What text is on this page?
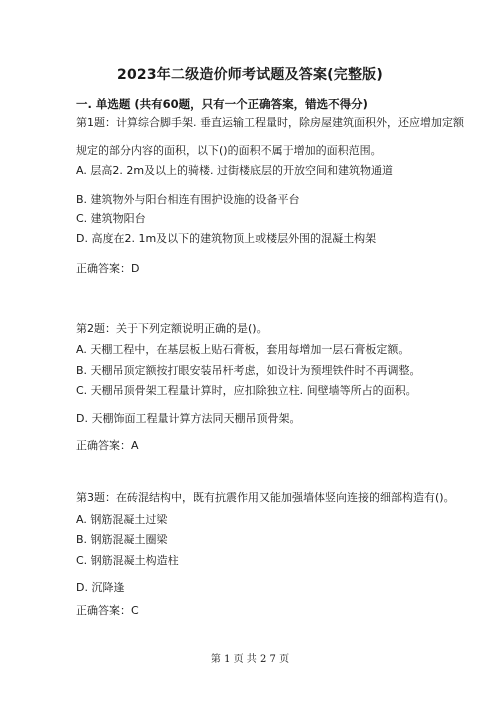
2023年二级造价师考试题及答案(完整版)
一. 单选题 (共有60题，只有一个正确答案，错选不得分)
第1题：计算综合脚手架. 垂直运输工程量时，除房屋建筑面积外，还应增加定额
规定的部分内容的面积，以下()的面积不属于增加的面积范围。
A. 层高2. 2m及以上的骑楼. 过街楼底层的开放空间和建筑物通道
B. 建筑物外与阳台相连有围护设施的设备平台
C. 建筑物阳台
D. 高度在2. 1m及以下的建筑物顶上或楼层外围的混凝土构架
正确答案：D
第2题：关于下列定额说明正确的是()。
A. 天棚工程中，在基层板上贴石膏板，套用每增加一层石膏板定额。
B. 天棚吊顶定额按打眼安装吊杆考虑，如设计为预埋铁件时不再调整。
C. 天棚吊顶骨架工程量计算时，应扣除独立柱. 间壁墙等所占的面积。
D. 天棚饰面工程量计算方法同天棚吊顶骨架。
正确答案：A
第3题：在砖混结构中，既有抗震作用又能加强墙体竖向连接的细部构造有()。
A. 钢筋混凝土过梁
B. 钢筋混凝土圈梁
C. 钢筋混凝土构造柱
D. 沉降逢
正确答案：C
第 1 页 共 2 7 页
